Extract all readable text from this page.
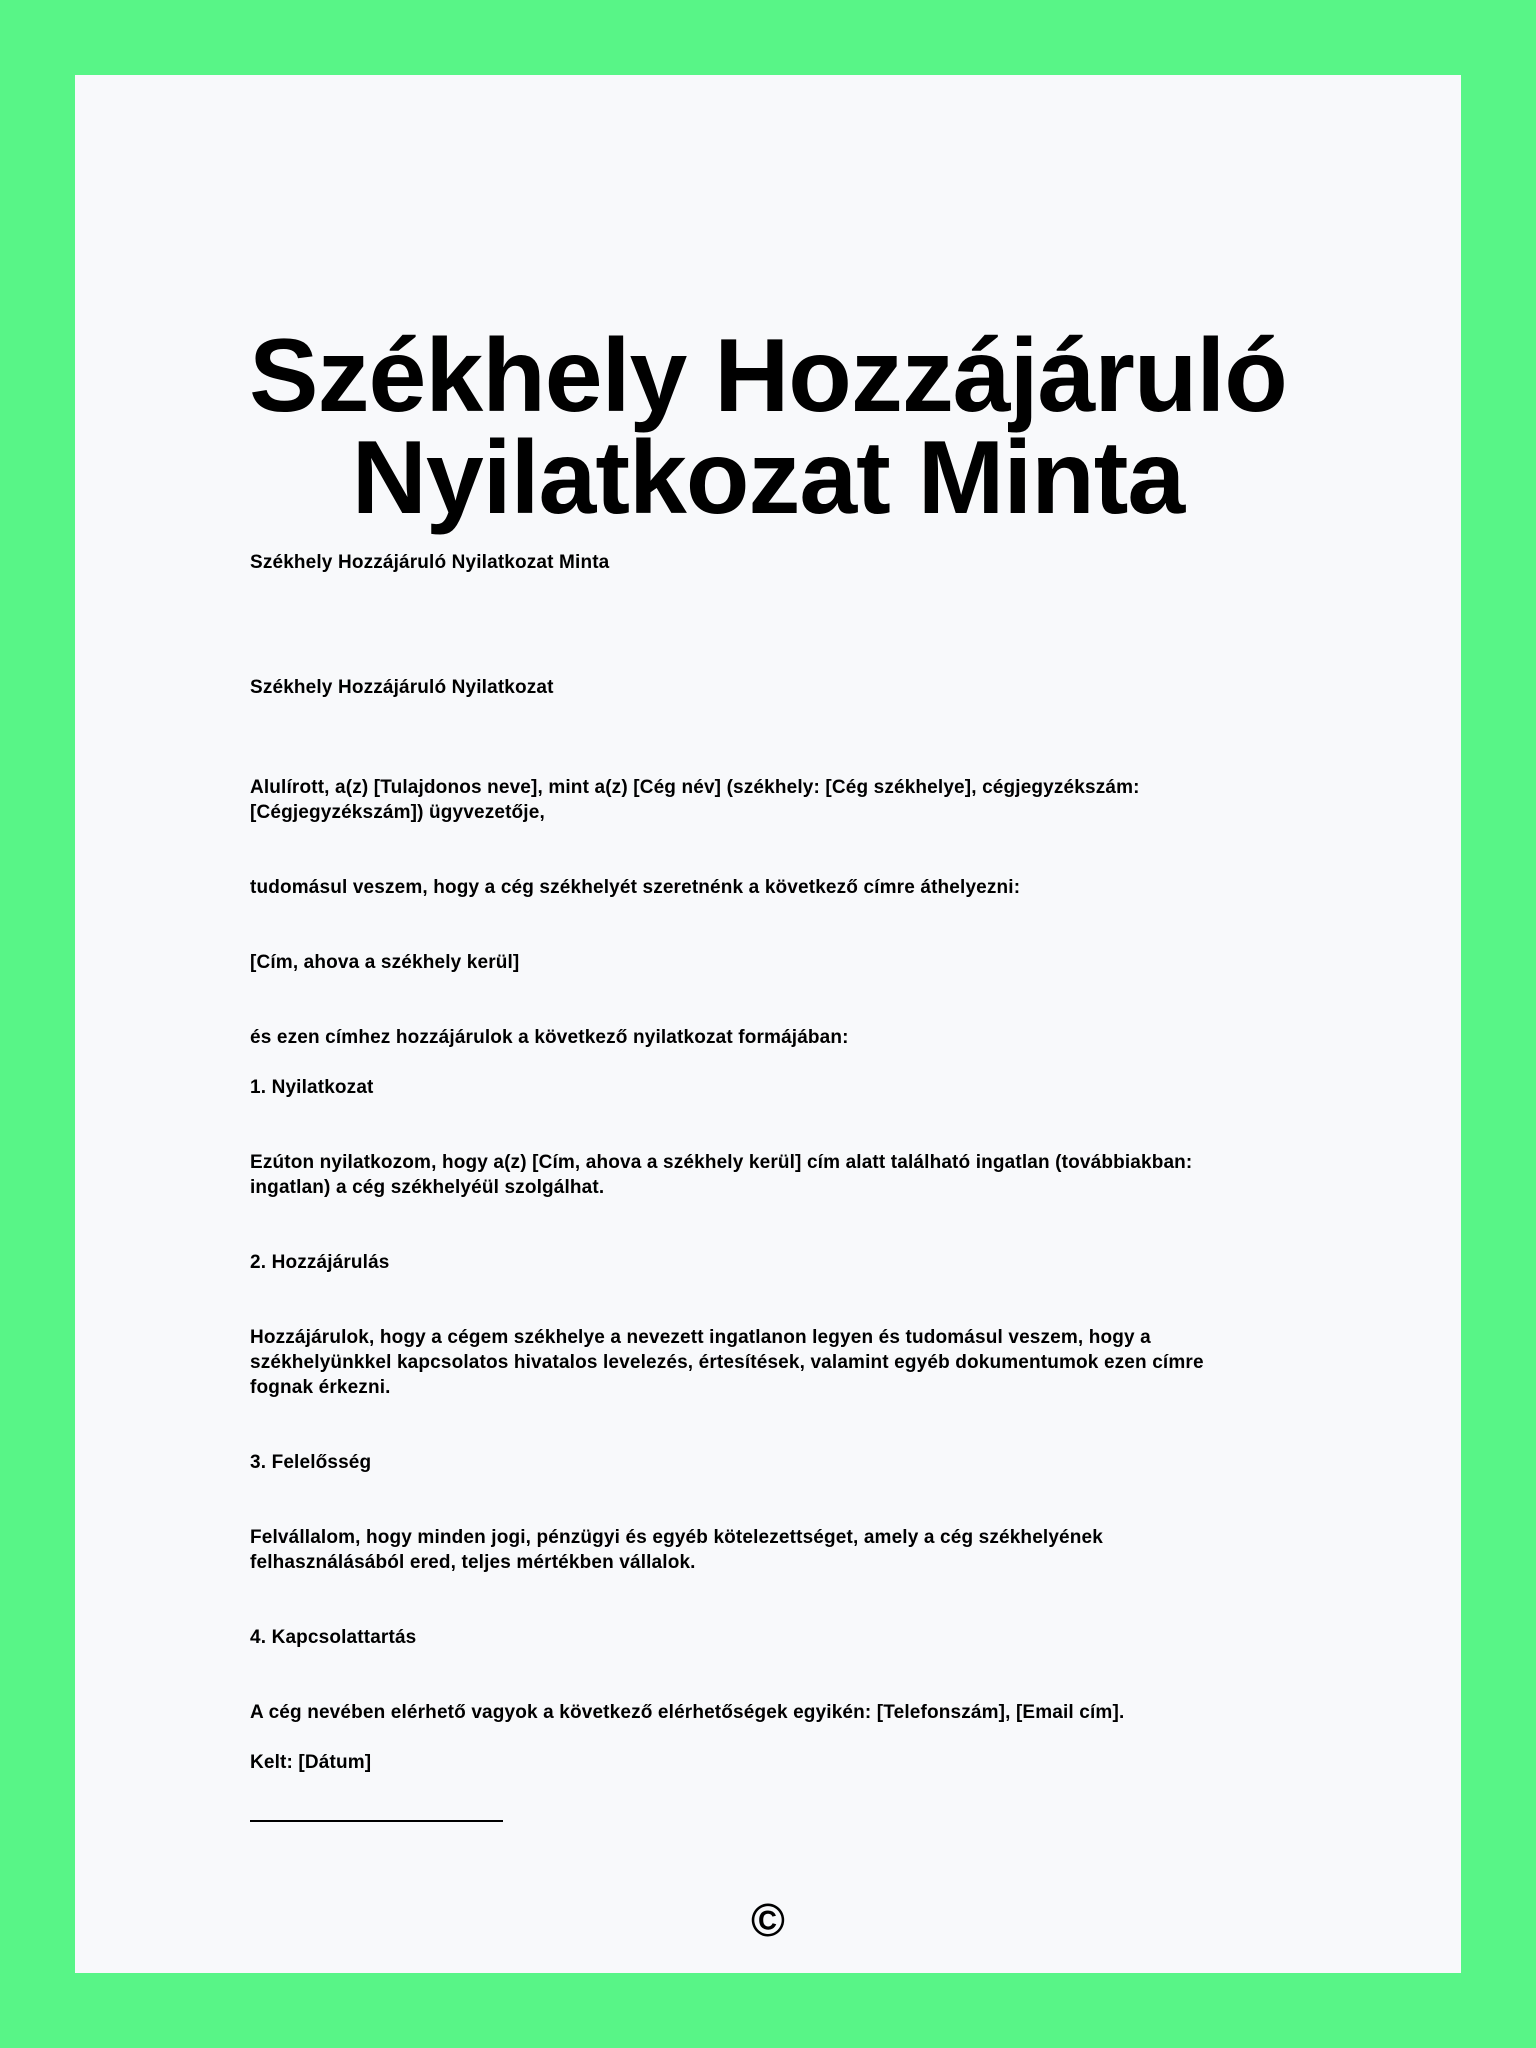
Székhely Hozzájáruló
Nyilatkozat Minta
Székhely Hozzájáruló Nyilatkozat Minta
Székhely Hozzájáruló Nyilatkozat
Alulírott, a(z) [Tulajdonos neve], mint a(z) [Cég név] (székhely: [Cég székhelye], cégjegyzékszám:
[Cégjegyzékszám]) ügyvezetője,
tudomásul veszem, hogy a cég székhelyét szeretnénk a következő címre áthelyezni:
[Cím, ahova a székhely kerül]
és ezen címhez hozzájárulok a következő nyilatkozat formájában:
1. Nyilatkozat
Ezúton nyilatkozom, hogy a(z) [Cím, ahova a székhely kerül] cím alatt található ingatlan (továbbiakban:
ingatlan) a cég székhelyéül szolgálhat.
2. Hozzájárulás
Hozzájárulok, hogy a cégem székhelye a nevezett ingatlanon legyen és tudomásul veszem, hogy a
székhelyünkkel kapcsolatos hivatalos levelezés, értesítések, valamint egyéb dokumentumok ezen címre
fognak érkezni.
3. Felelősség
Felvállalom, hogy minden jogi, pénzügyi és egyéb kötelezettséget, amely a cég székhelyének
felhasználásából ered, teljes mértékben vállalok.
4. Kapcsolattartás
A cég nevében elérhető vagyok a következő elérhetőségek egyikén: [Telefonszám], [Email cím].
Kelt: [Dátum]
©
